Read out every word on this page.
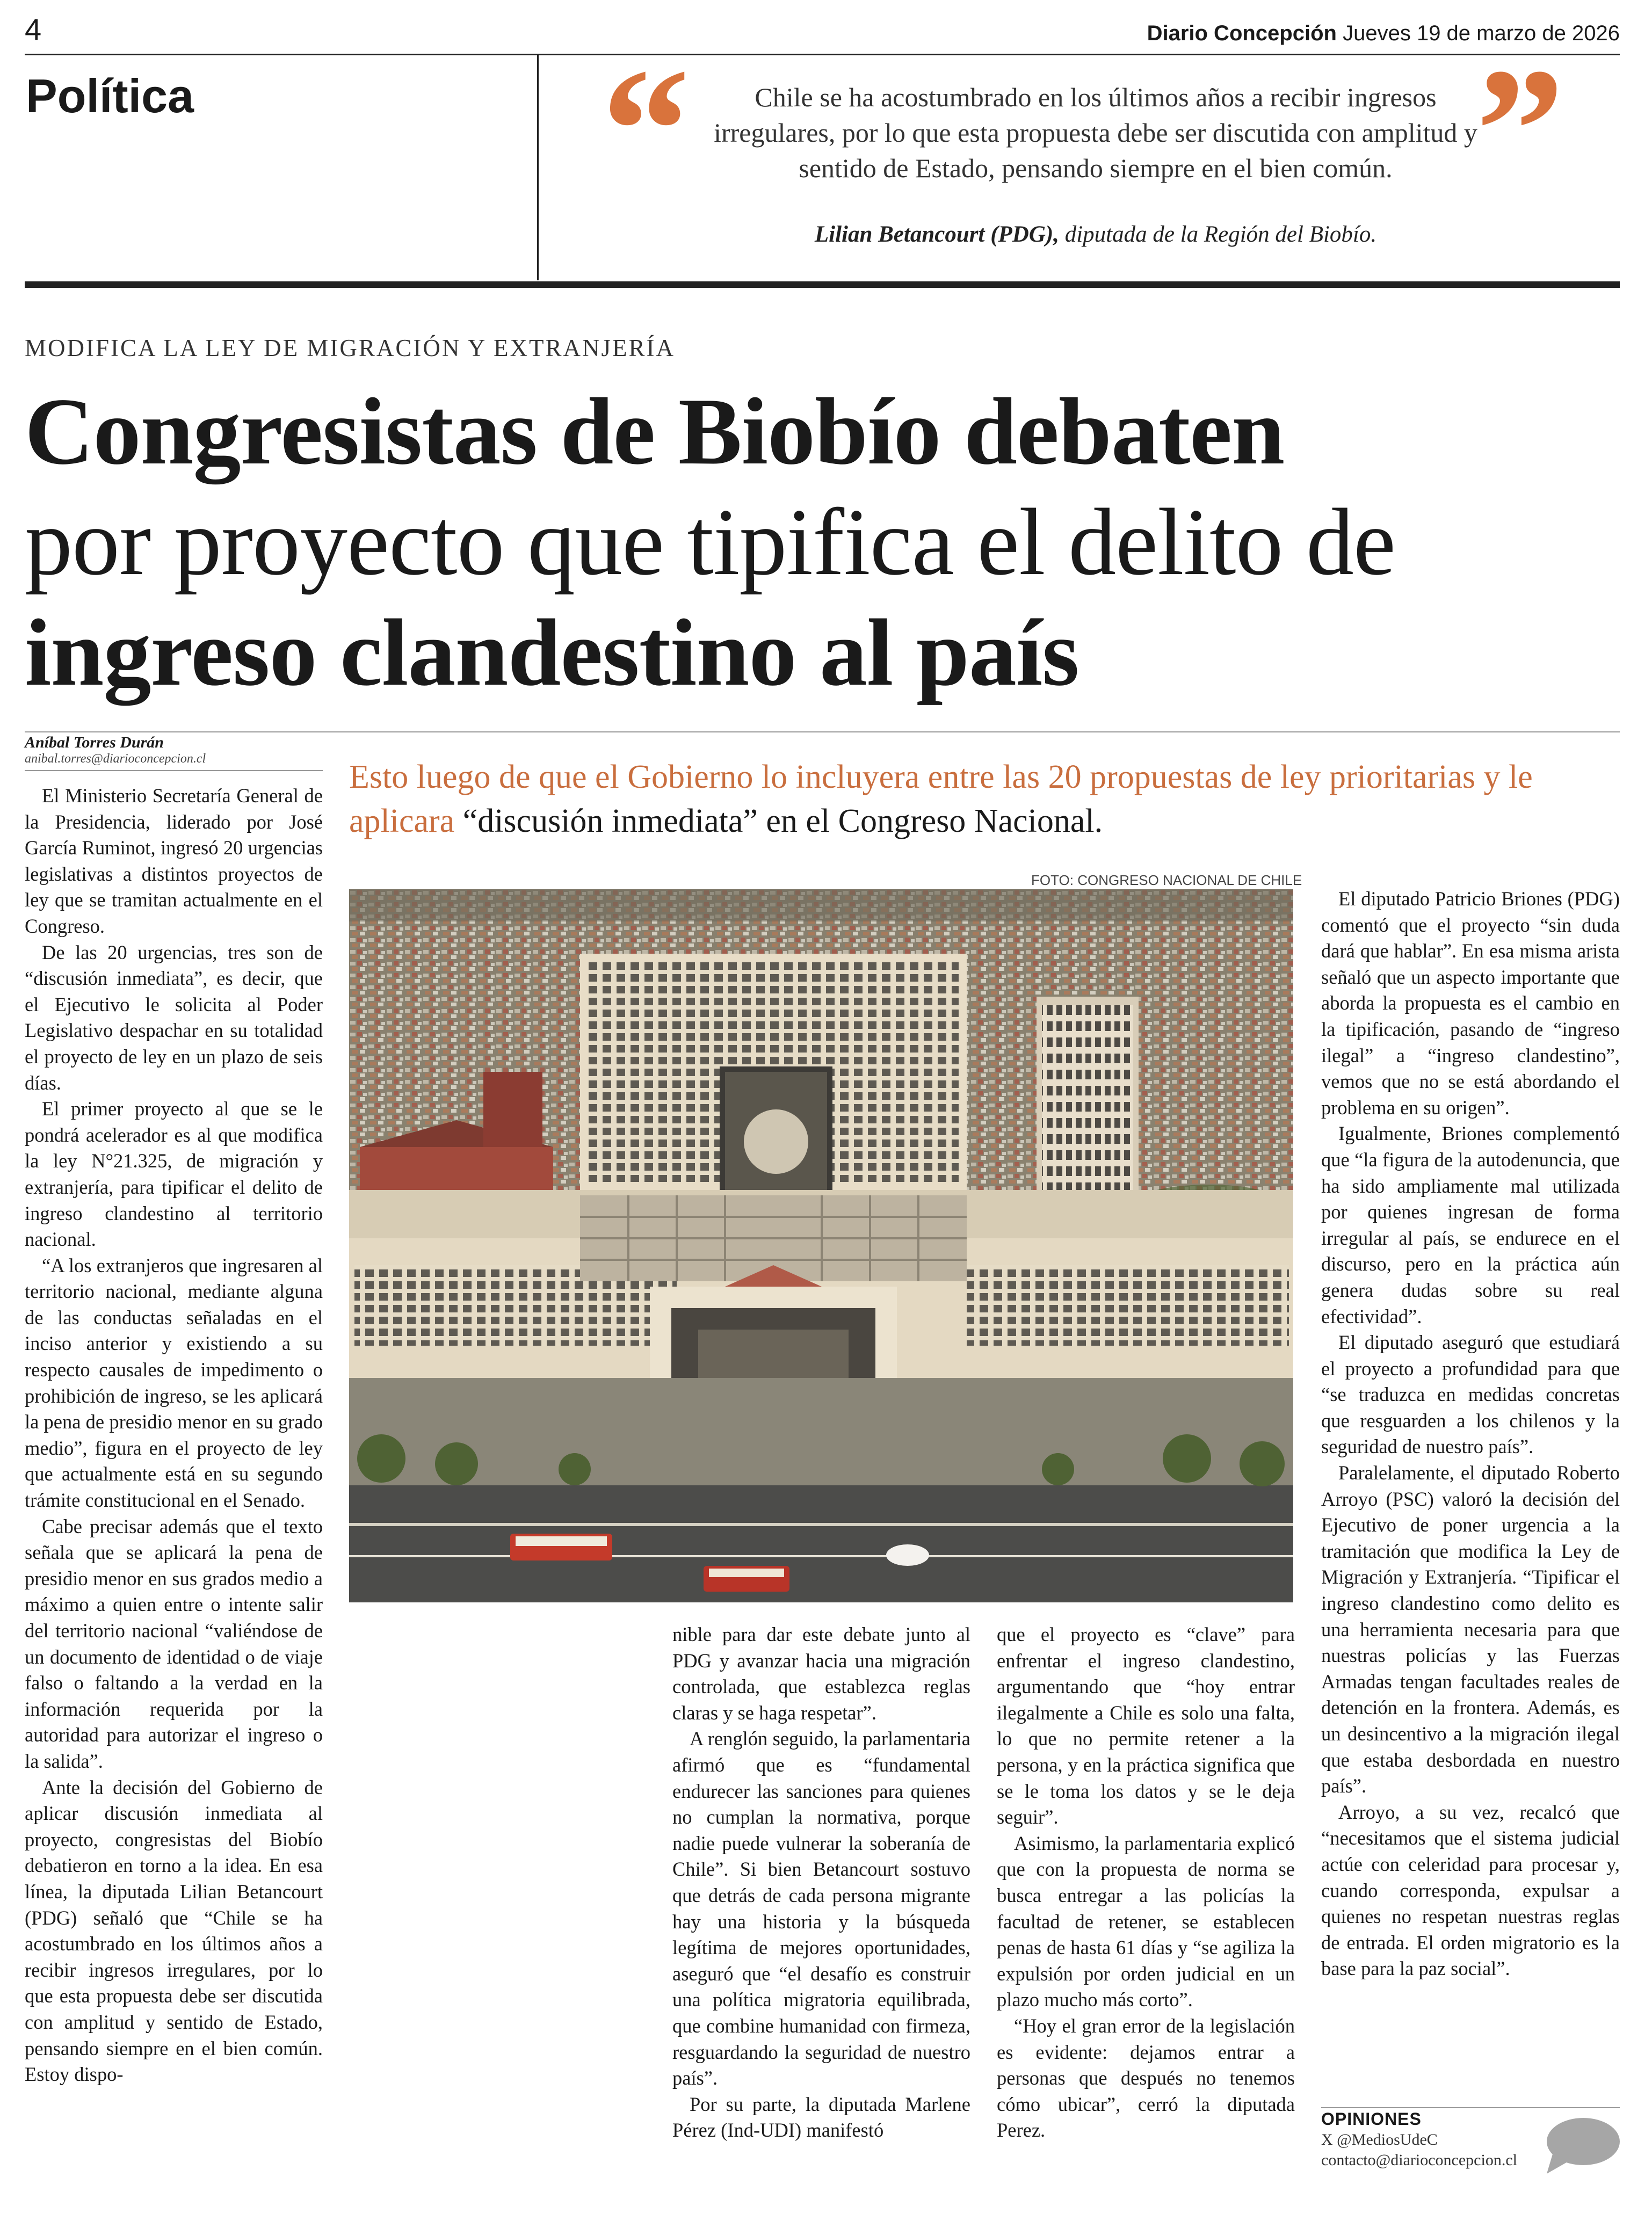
4	Diario Concepción Jueves 19 de marzo de 2026
Política “	”
Chile se ha acostumbrado en los últimos años a recibir ingresos irregulares, por lo que esta propuesta debe ser discutida con amplitud y sentido de Estado, pensando siempre en el bien común.
Lilian Betancourt (PDG), diputada de la Región del Biobío.
MODIFICA LA LEY DE MIGRACIÓN Y EXTRANJERÍA
Congresistas de Biobío debaten
por proyecto que tipifica el delito de
ingreso clandestino al país
Aníbal Torres Durán
anibal.torres@diarioconcepcion.cl	Esto luego de que el Gobierno lo incluyera entre las 20 propuestas de ley prioritarias y le aplicara “discusión inmediata” en el Congreso Nacional.
FOTO: CONGRESO NACIONAL DE CHILE

El Ministerio Secretaría General de la Presidencia, liderado por José García Ruminot, ingresó 20 urgencias legislativas a distintos proyectos de ley que se tramitan actualmente en el Congreso.

De las 20 urgencias, tres son de “discusión inmediata”, es decir, que el Ejecutivo le solicita al Poder Legislativo despachar en su totalidad el proyecto de ley en un plazo de seis días.

El primer proyecto al que se le pondrá acelerador es al que modifica la ley N°21.325, de migración y extranjería, para tipificar el delito de ingreso clandestino al territorio nacional.

“A los extranjeros que ingresaren al territorio nacional, mediante alguna de las conductas señaladas en el inciso anterior y existiendo a su respecto causales de impedimento o prohibición de ingreso, se les aplicará la pena de presidio menor en su grado medio”, figura en el proyecto de ley que actualmente está en su segundo trámite constitucional en el Senado.

Cabe precisar además que el texto señala que se aplicará la pena de presidio menor en sus grados medio a máximo a quien entre o intente salir del territorio nacional “valiéndose de un documento de identidad o de viaje falso o faltando a la verdad en la información requerida por la autoridad para autorizar el ingreso o la salida”.

Ante la decisión del Gobierno de aplicar discusión inmediata al proyecto, congresistas del Biobío debatieron en torno a la idea. En esa línea, la diputada Lilian Betancourt (PDG) señaló que “Chile se ha acostumbrado en los últimos años a recibir ingresos irregulares, por lo que esta propuesta debe ser discutida con amplitud y sentido de Estado, pensando siempre en el bien común. Estoy dispo-

nible para dar este debate junto al PDG y avanzar hacia una migración controlada, que establezca reglas claras y se haga respetar”.

A renglón seguido, la parlamentaria afirmó que es “fundamental endurecer las sanciones para quienes no cumplan la normativa, porque nadie puede vulnerar la soberanía de Chile”. Si bien Betancourt sostuvo que detrás de cada persona migrante hay una historia y la búsqueda legítima de mejores oportunidades, aseguró que “el desafío es construir una política migratoria equilibrada, que combine humanidad con firmeza, resguardando la seguridad de nuestro país”.

Por su parte, la diputada Marlene Pérez (Ind-UDI) manifestó

que el proyecto es “clave” para enfrentar el ingreso clandestino, argumentando que “hoy entrar ilegalmente a Chile es solo una falta, lo que no permite retener a la persona, y en la práctica significa que se le toma los datos y se le deja seguir”.

Asimismo, la parlamentaria explicó que con la propuesta de norma se busca entregar a las policías la facultad de retener, se establecen penas de hasta 61 días y “se agiliza la expulsión por orden judicial en un plazo mucho más corto”.

“Hoy el gran error de la legislación es evidente: dejamos entrar a personas que después no tenemos cómo ubicar”, cerró la diputada Perez.

El diputado Patricio Briones (PDG) comentó que el proyecto “sin duda dará que hablar”. En esa misma arista señaló que un aspecto importante que aborda la propuesta es el cambio en la tipificación, pasando de “ingreso ilegal” a “ingreso clandestino”, vemos que no se está abordando el problema en su origen”.

Igualmente, Briones complementó que “la figura de la autodenuncia, que ha sido ampliamente mal utilizada por quienes ingresan de forma irregular al país, se endurece en el discurso, pero en la práctica aún genera dudas sobre su real efectividad”.

El diputado aseguró que estudiará el proyecto a profundidad para que “se traduzca en medidas concretas que resguarden a los chilenos y la seguridad de nuestro país”.

Paralelamente, el diputado Roberto Arroyo (PSC) valoró la decisión del Ejecutivo de poner urgencia a la tramitación que modifica la Ley de Migración y Extranjería. “Tipificar el ingreso clandestino como delito es una herramienta necesaria para que nuestras policías y las Fuerzas Armadas tengan facultades reales de detención en la frontera. Además, es un desincentivo a la migración ilegal que estaba desbordada en nuestro país”.

Arroyo, a su vez, recalcó que “necesitamos que el sistema judicial actúe con celeridad para procesar y, cuando corresponda, expulsar a quienes no respetan nuestras reglas de entrada. El orden migratorio es la base para la paz social”.

OPINIONES
X @MediosUdeC
contacto@diarioconcepcion.cl
